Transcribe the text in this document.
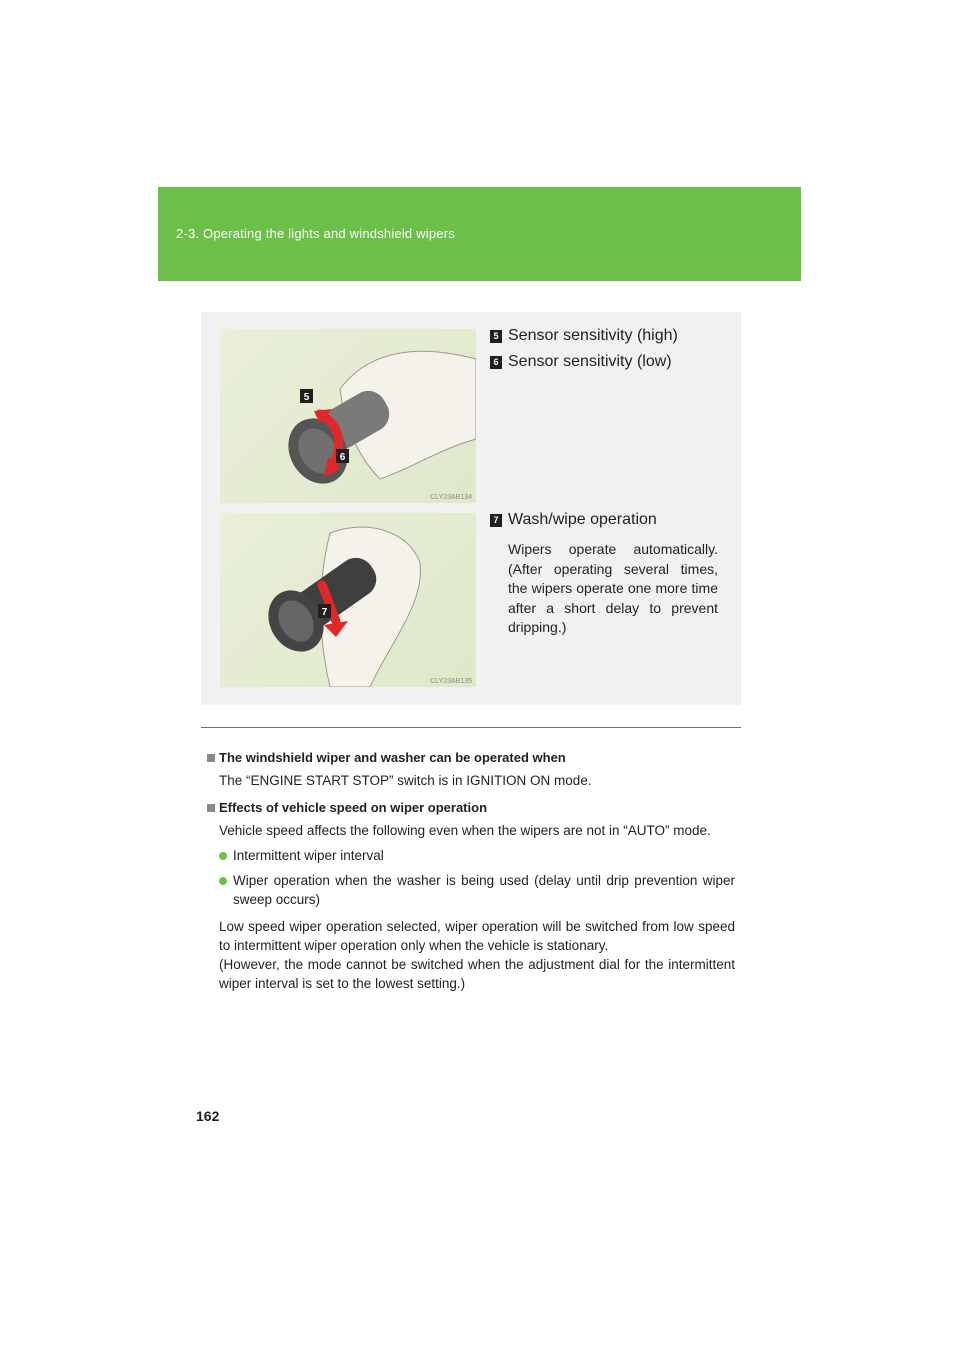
2-3. Operating the lights and windshield wipers
5
6
CLY23AB134
7
CLY23AB135
5 Sensor sensitivity (high)
6 Sensor sensitivity (low)
7 Wash/wipe operation
Wipers operate automatically. (After operating several times, the wipers operate one more time after a short delay to prevent dripping.)
The windshield wiper and washer can be operated when

The “ENGINE START STOP” switch is in IGNITION ON mode.

Effects of vehicle speed on wiper operation

Vehicle speed affects the following even when the wipers are not in “AUTO” mode.

Intermittent wiper interval

Wiper operation when the washer is being used (delay until drip prevention wiper sweep occurs)

Low speed wiper operation selected, wiper operation will be switched from low speed to intermittent wiper operation only when the vehicle is stationary.

(However, the mode cannot be switched when the adjustment dial for the intermittent wiper interval is set to the lowest setting.)

162
